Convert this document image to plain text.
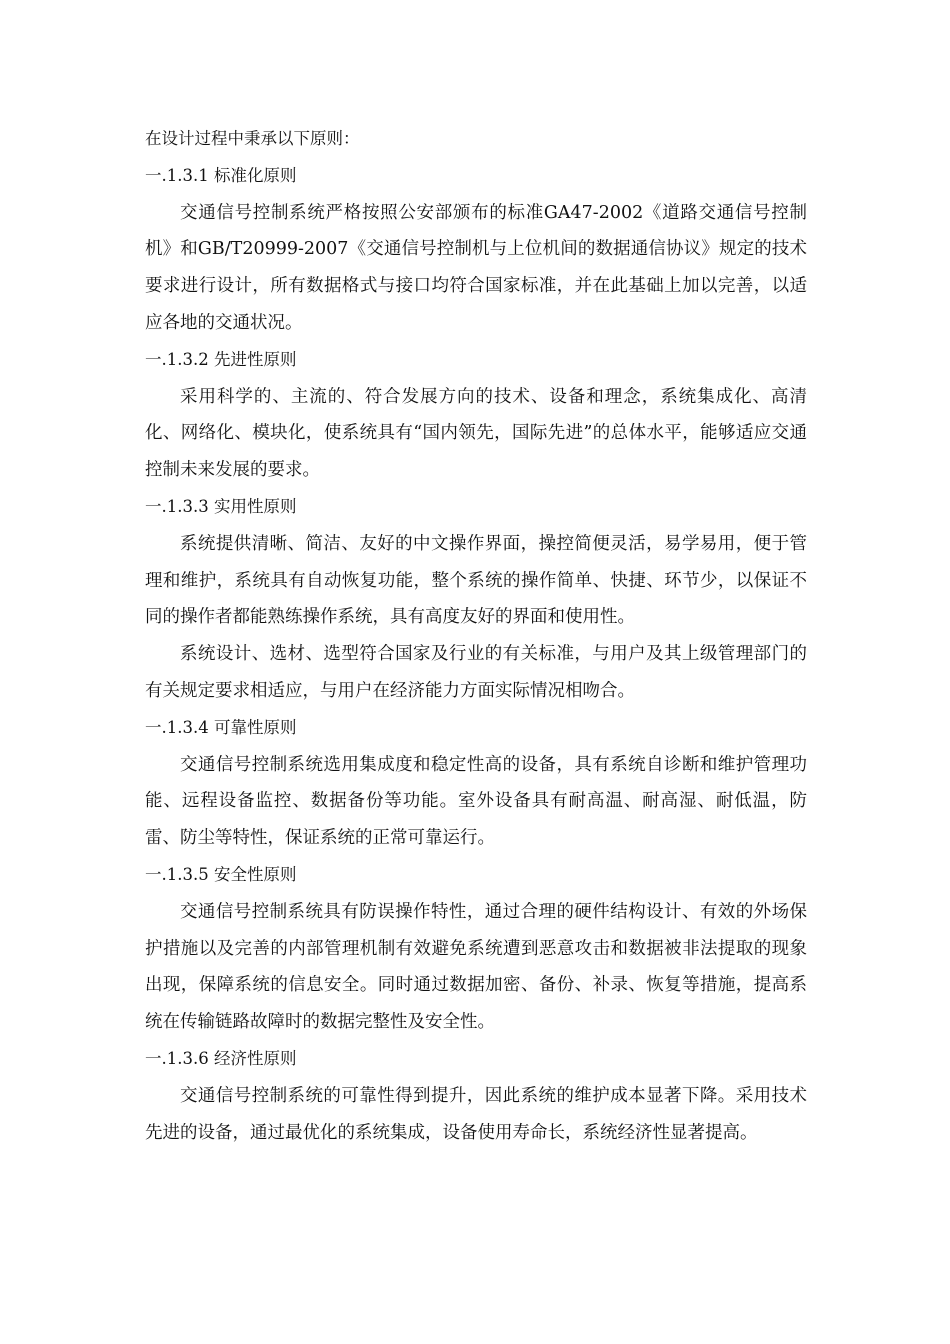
在设计过程中秉承以下原则：

一.1.3.1 标准化原则

交通信号控制系统严格按照公安部颁布的标准GA47-2002《道路交通信号控制机》和GB/T20999-2007《交通信号控制机与上位机间的数据通信协议》规定的技术要求进行设计，所有数据格式与接口均符合国家标准，并在此基础上加以完善，以适应各地的交通状况。

一.1.3.2 先进性原则

采用科学的、主流的、符合发展方向的技术、设备和理念，系统集成化、高清化、网络化、模块化，使系统具有“国内领先，国际先进”的总体水平，能够适应交通控制未来发展的要求。

一.1.3.3 实用性原则

系统提供清晰、简洁、友好的中文操作界面，操控简便灵活，易学易用，便于管理和维护，系统具有自动恢复功能，整个系统的操作简单、快捷、环节少，以保证不同的操作者都能熟练操作系统，具有高度友好的界面和使用性。

系统设计、选材、选型符合国家及行业的有关标准，与用户及其上级管理部门的有关规定要求相适应，与用户在经济能力方面实际情况相吻合。

一.1.3.4 可靠性原则

交通信号控制系统选用集成度和稳定性高的设备，具有系统自诊断和维护管理功能、远程设备监控、数据备份等功能。室外设备具有耐高温、耐高湿、耐低温，防雷、防尘等特性，保证系统的正常可靠运行。

一.1.3.5 安全性原则

交通信号控制系统具有防误操作特性，通过合理的硬件结构设计、有效的外场保护措施以及完善的内部管理机制有效避免系统遭到恶意攻击和数据被非法提取的现象出现，保障系统的信息安全。同时通过数据加密、备份、补录、恢复等措施，提高系统在传输链路故障时的数据完整性及安全性。

一.1.3.6 经济性原则

交通信号控制系统的可靠性得到提升，因此系统的维护成本显著下降。采用技术先进的设备，通过最优化的系统集成，设备使用寿命长，系统经济性显著提高。
